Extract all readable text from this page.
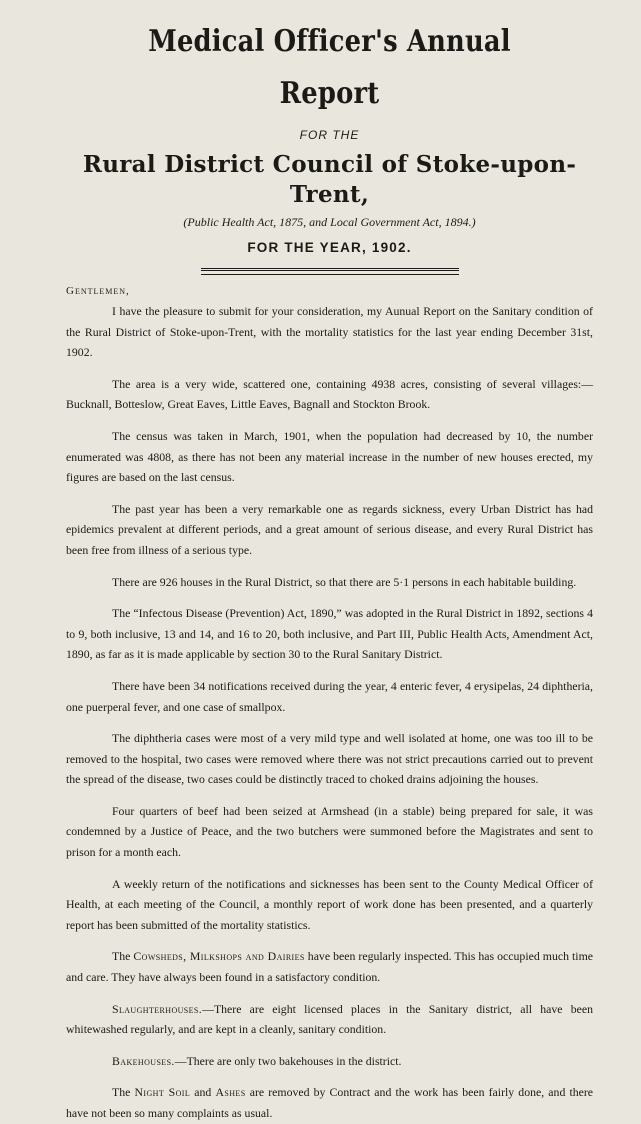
Medical Officer's Annual Report
FOR THE
Rural District Council of Stoke-upon-Trent,
(Public Health Act, 1875, and Local Government Act, 1894.)
FOR THE YEAR, 1902.
Gentlemen,

I have the pleasure to submit for your consideration, my Aunual Report on the Sanitary condition of the Rural District of Stoke-upon-Trent, with the mortality statistics for the last year ending December 31st, 1902.

The area is a very wide, scattered one, containing 4938 acres, consisting of several villages:—Bucknall, Botteslow, Great Eaves, Little Eaves, Bagnall and Stockton Brook.

The census was taken in March, 1901, when the population had decreased by 10, the number enumerated was 4808, as there has not been any material increase in the number of new houses erected, my figures are based on the last census.

The past year has been a very remarkable one as regards sickness, every Urban District has had epidemics prevalent at different periods, and a great amount of serious disease, and every Rural District has been free from illness of a serious type.

There are 926 houses in the Rural District, so that there are 5·1 persons in each habitable building.

The “Infectous Disease (Prevention) Act, 1890,” was adopted in the Rural District in 1892, sections 4 to 9, both inclusive, 13 and 14, and 16 to 20, both inclusive, and Part III, Public Health Acts, Amendment Act, 1890, as far as it is made applicable by section 30 to the Rural Sanitary District.

There have been 34 notifications received during the year, 4 enteric fever, 4 erysipelas, 24 diphtheria, one puerperal fever, and one case of smallpox.

The diphtheria cases were most of a very mild type and well isolated at home, one was too ill to be removed to the hospital, two cases were removed where there was not strict precautions carried out to prevent the spread of the disease, two cases could be distinctly traced to choked drains adjoining the houses.

Four quarters of beef had been seized at Armshead (in a stable) being prepared for sale, it was condemned by a Justice of Peace, and the two butchers were summoned before the Magistrates and sent to prison for a month each.

A weekly return of the notifications and sicknesses has been sent to the County Medical Officer of Health, at each meeting of the Council, a monthly report of work done has been presented, and a quarterly report has been submitted of the mortality statistics.

The Cowsheds, Milkshops and Dairies have been regularly inspected. This has occupied much time and care. They have always been found in a satisfactory condition.

Slaughterhouses.—There are eight licensed places in the Sanitary district, all have been whitewashed regularly, and are kept in a cleanly, sanitary condition.

Bakehouses.—There are only two bakehouses in the district.

The Night Soil and Ashes are removed by Contract and the work has been fairly done, and there have not been so many complaints as usual.
